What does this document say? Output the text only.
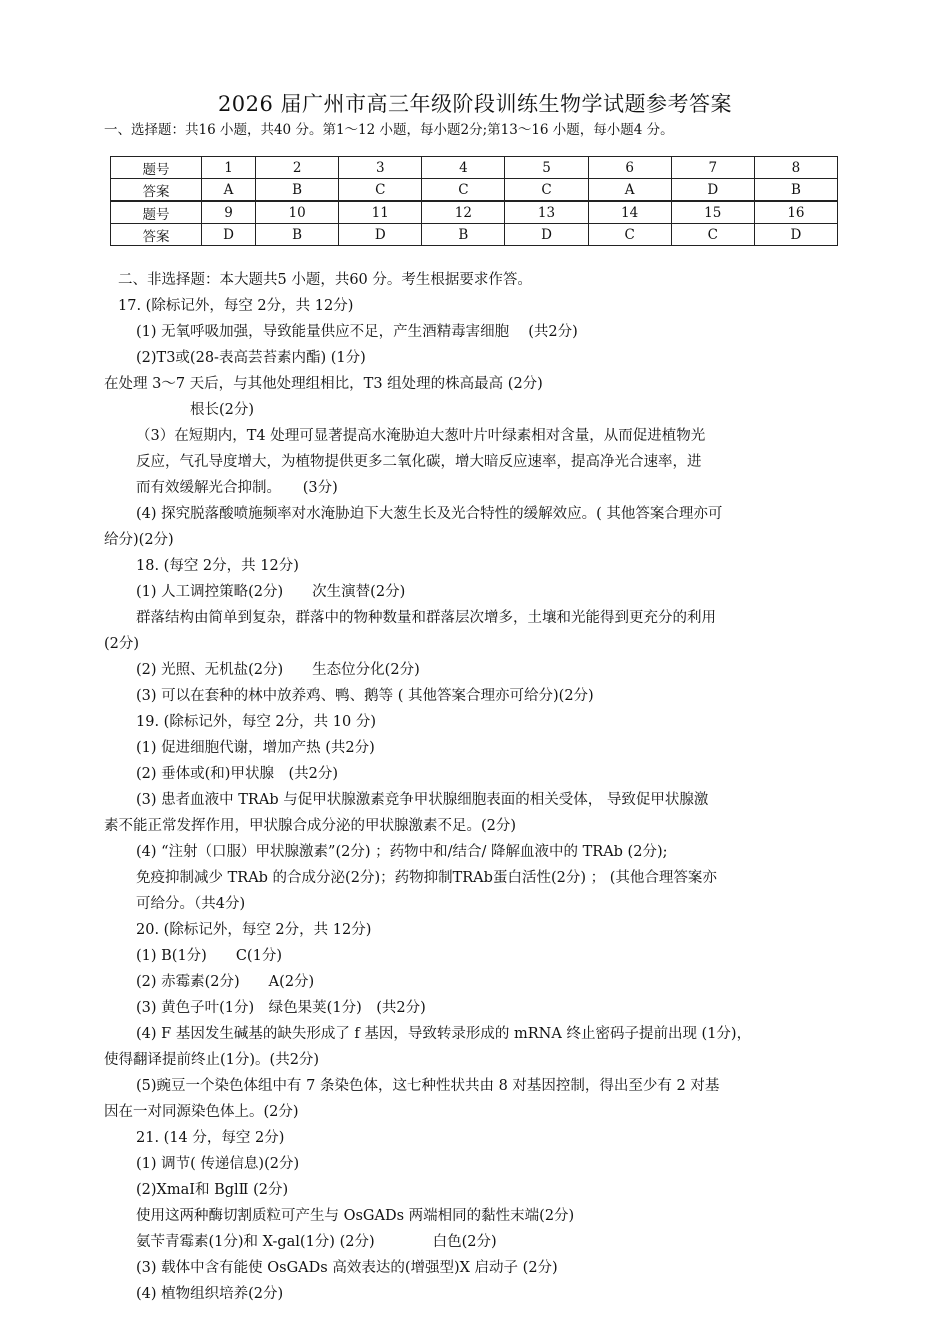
2026 届广州市高三年级阶段训练生物学试题参考答案
一、选择题：共16 小题，共40 分。第1～12 小题，每小题2分;第13～16 小题，每小题4 分。
题号	1	2	3	4	5	6	7	8
答案	A	B	C	C	C	A	D	B
题号	9	10	11	12	13	14	15	16
答案	D	B	D	B	D	C	C	D
二、非选择题：本大题共5 小题，共60 分。考生根据要求作答。
17. (除标记外，每空 2分，共 12分)
(1) 无氧呼吸加强，导致能量供应不足，产生酒精毒害细胞　 (共2分)
(2)T3或(28-表高芸苔素内酯) (1分)
在处理 3～7 天后，与其他处理组相比，T3 组处理的株高最高 (2分)
根长(2分)
（3）在短期内，T4 处理可显著提高水淹胁迫大葱叶片叶绿素相对含量，从而促进植物光
反应，气孔导度增大，为植物提供更多二氧化碳，增大暗反应速率，提高净光合速率，进
而有效缓解光合抑制。　　(3分)
(4) 探究脱落酸喷施频率对水淹胁迫下大葱生长及光合特性的缓解效应。( 其他答案合理亦可
给分)(2分)
18. (每空 2分，共 12分)
(1) 人工调控策略(2分)　　次生演替(2分)
群落结构由简单到复杂，群落中的物种数量和群落层次增多，土壤和光能得到更充分的利用
(2分)
(2) 光照、无机盐(2分)　　生态位分化(2分)
(3) 可以在套种的林中放养鸡、鸭、鹅等 ( 其他答案合理亦可给分)(2分)
19. (除标记外，每空 2分，共 10 分)
(1) 促进细胞代谢，增加产热 (共2分)
(2) 垂体或(和)甲状腺　(共2分)
(3) 患者血液中 TRAb 与促甲状腺激素竞争甲状腺细胞表面的相关受体， 导致促甲状腺激
素不能正常发挥作用，甲状腺合成分泌的甲状腺激素不足。(2分)
(4) “注射（口服）甲状腺激素”(2分) ；药物中和/结合/ 降解血液中的 TRAb (2分);
免疫抑制减少 TRAb 的合成分泌(2分)；药物抑制TRAb蛋白活性(2分) ； (其他合理答案亦
可给分。（共4分)
20. (除标记外，每空 2分，共 12分)
(1) B(1分)　　C(1分)
(2) 赤霉素(2分)　　A(2分)
(3) 黄色子叶(1分)　绿色果荚(1分)　(共2分)
(4) F 基因发生碱基的缺失形成了 f 基因，导致转录形成的 mRNA 终止密码子提前出现 (1分)，
使得翻译提前终止(1分)。(共2分)
(5)豌豆一个染色体组中有 7 条染色体，这七种性状共由 8 对基因控制，得出至少有 2 对基
因在一对同源染色体上。(2分)
21. (14 分，每空 2分)
(1) 调节( 传递信息)(2分)
(2)XmaⅠ和 BglⅡ (2分)
使用这两种酶切割质粒可产生与 OsGADs 两端相同的黏性末端(2分)
氨苄青霉素(1分)和 X-gal(1分) (2分)　　　　白色(2分)
(3) 载体中含有能使 OsGADs 高效表达的(增强型)X 启动子 (2分)
(4) 植物组织培养(2分)
